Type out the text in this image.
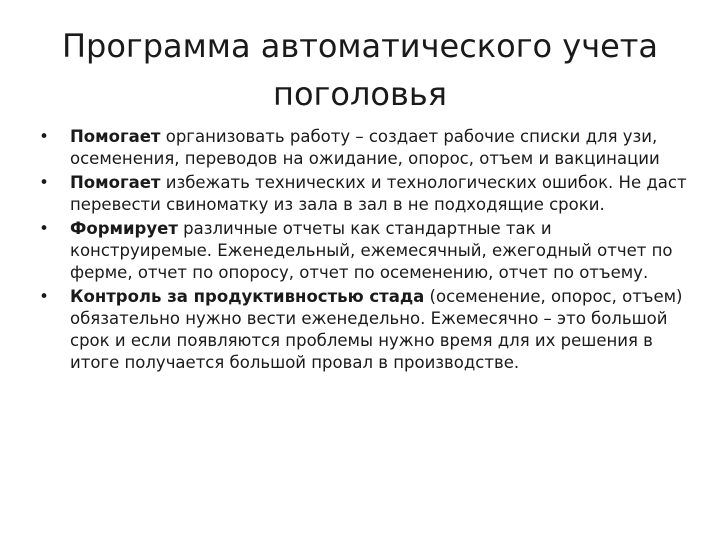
Программа автоматического учета
поголовья
• Помогает организовать работу – создает рабочие списки для узи, осеменения, переводов на ожидание, опорос, отъем и вакцинации
• Помогает избежать технических и технологических ошибок. Не даст перевести свиноматку из зала в зал в не подходящие сроки.
• Формирует различные отчеты как стандартные так и конструиремые. Еженедельный, ежемесячный, ежегодный отчет по ферме, отчет по опоросу, отчет по осеменению, отчет по отъему.
• Контроль за продуктивностью стада (осеменение, опорос, отъем) обязательно нужно вести еженедельно. Ежемесячно – это большой срок и если появляются проблемы нужно время для их решения в итоге получается большой провал в производстве.
